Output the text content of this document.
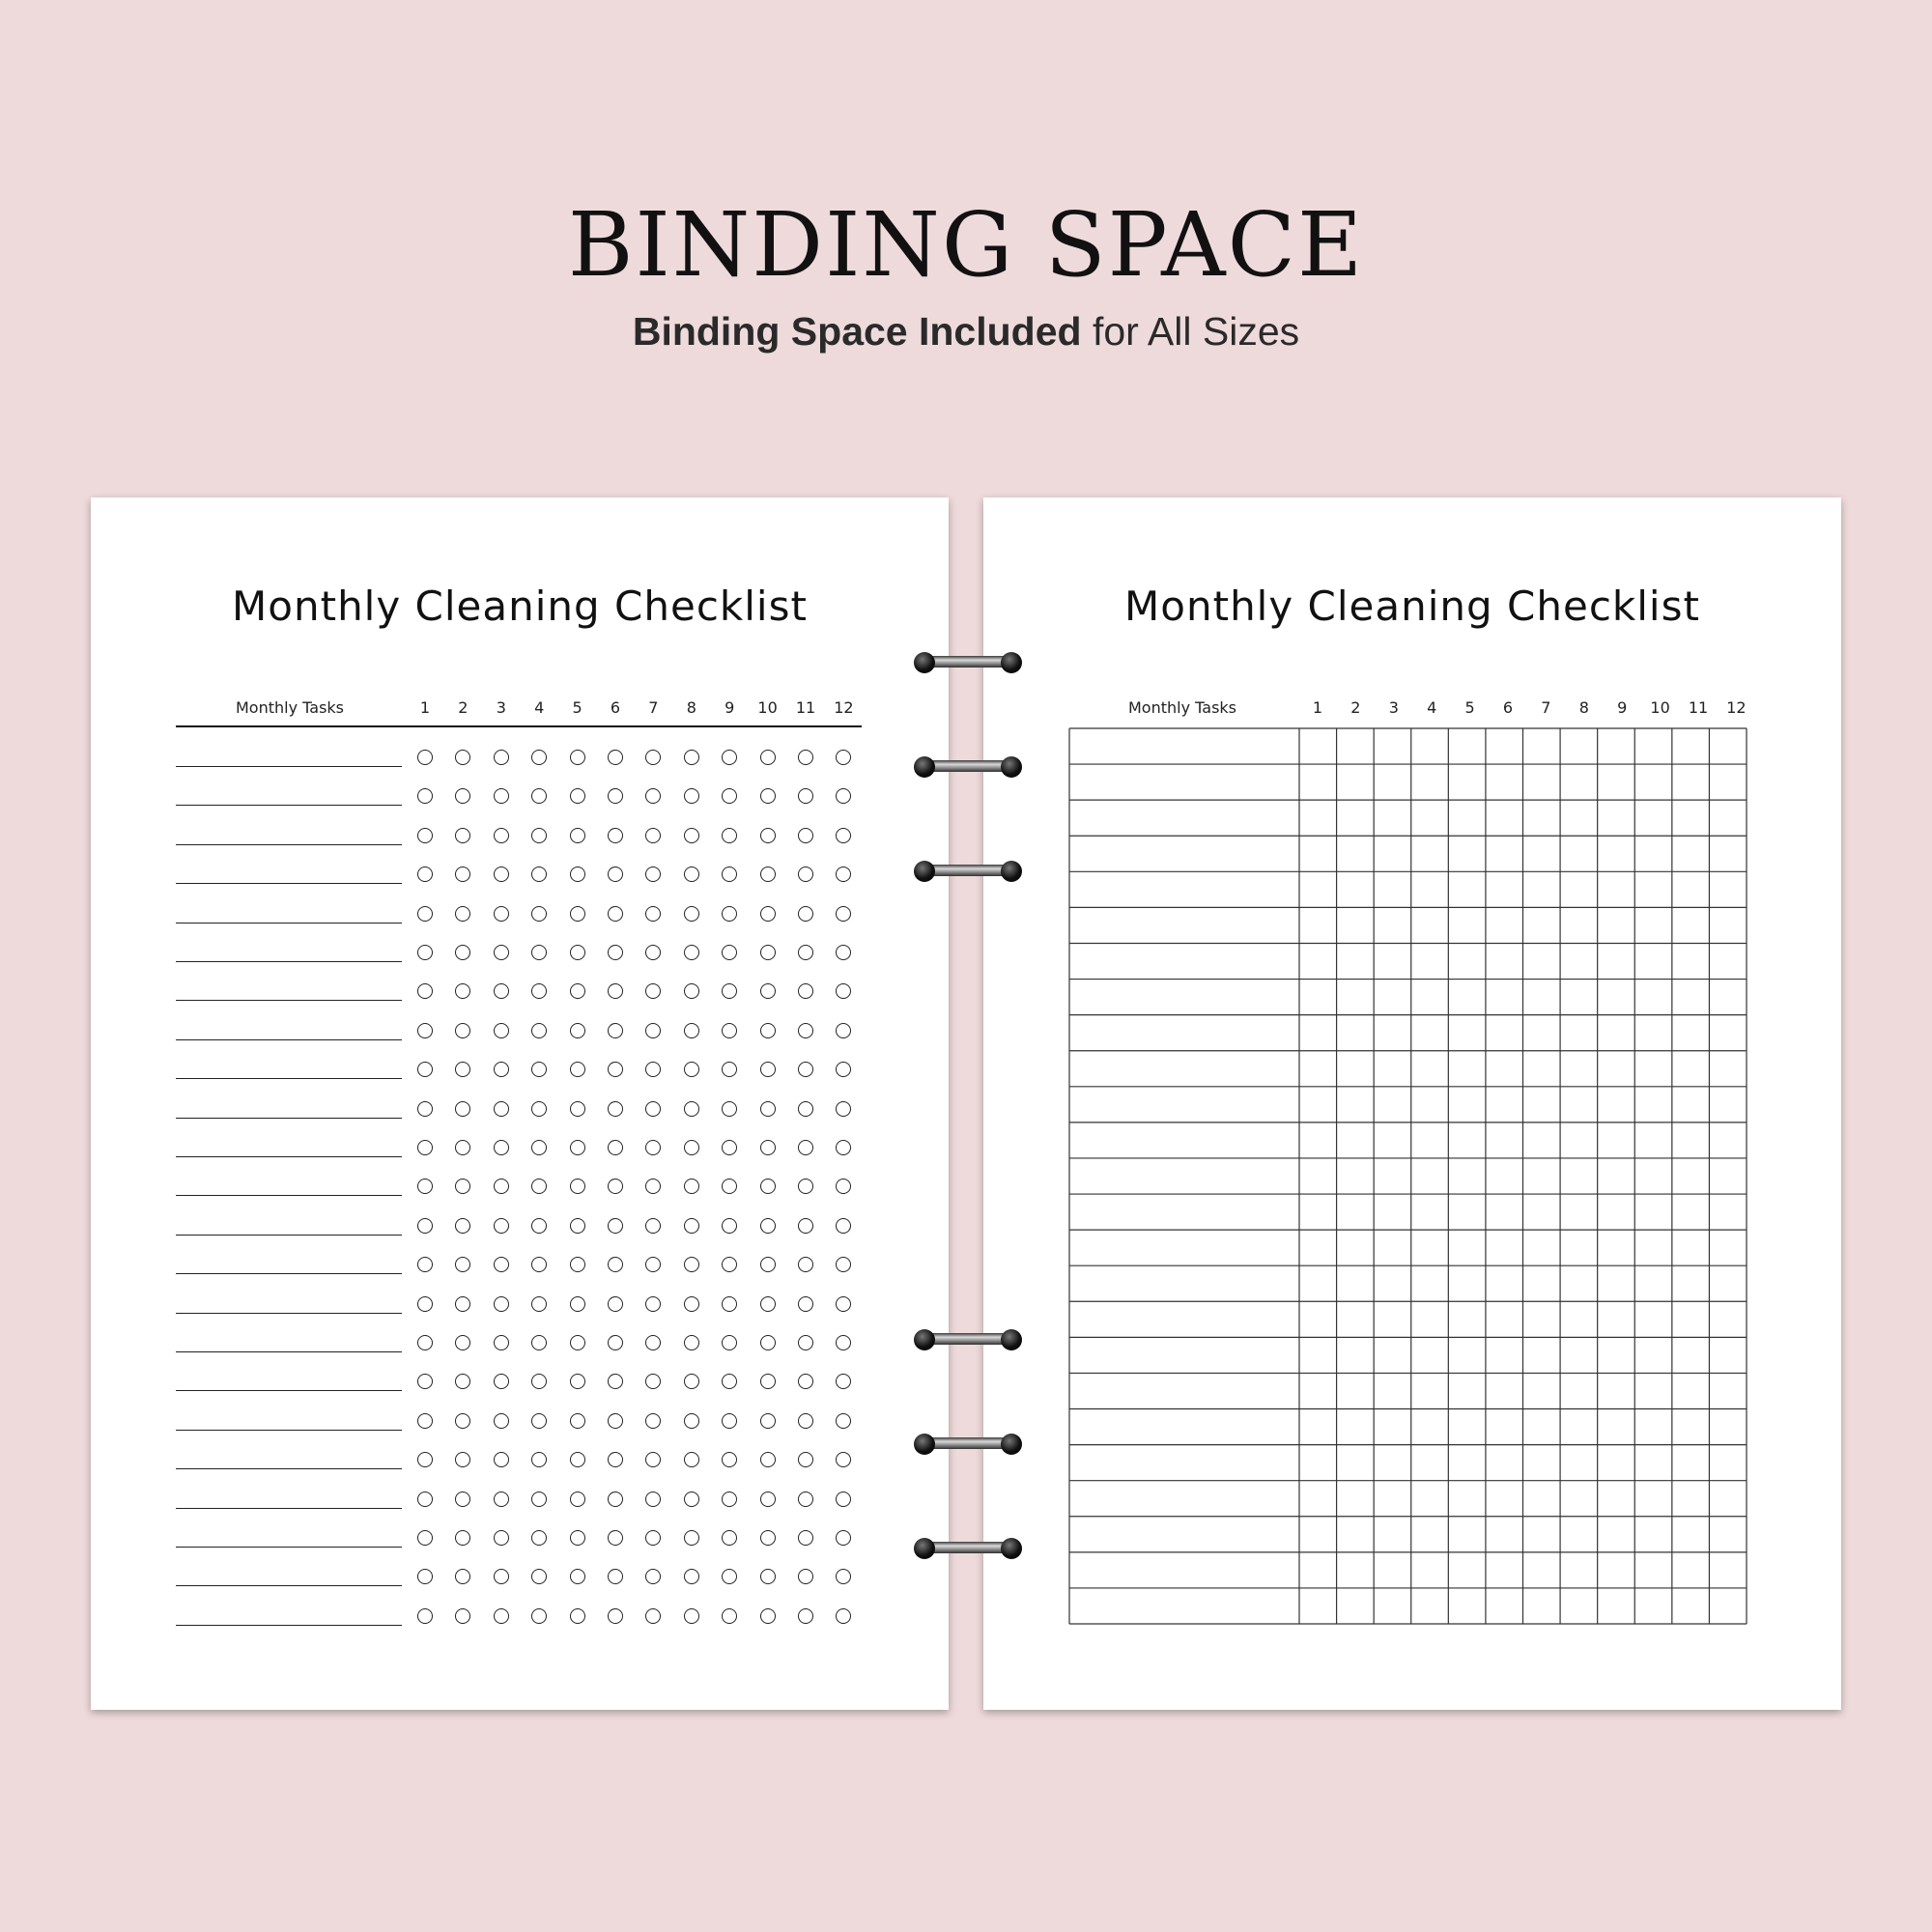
BINDING SPACE

Binding Space Included for All Sizes

Monthly Cleaning Checklist
Monthly Tasks	1	2	3	4	5	6	7	8	9	10	11	12
Monthly Cleaning Checklist
Monthly Tasks	1	2	3	4	5	6	7	8	9	10	11	12
